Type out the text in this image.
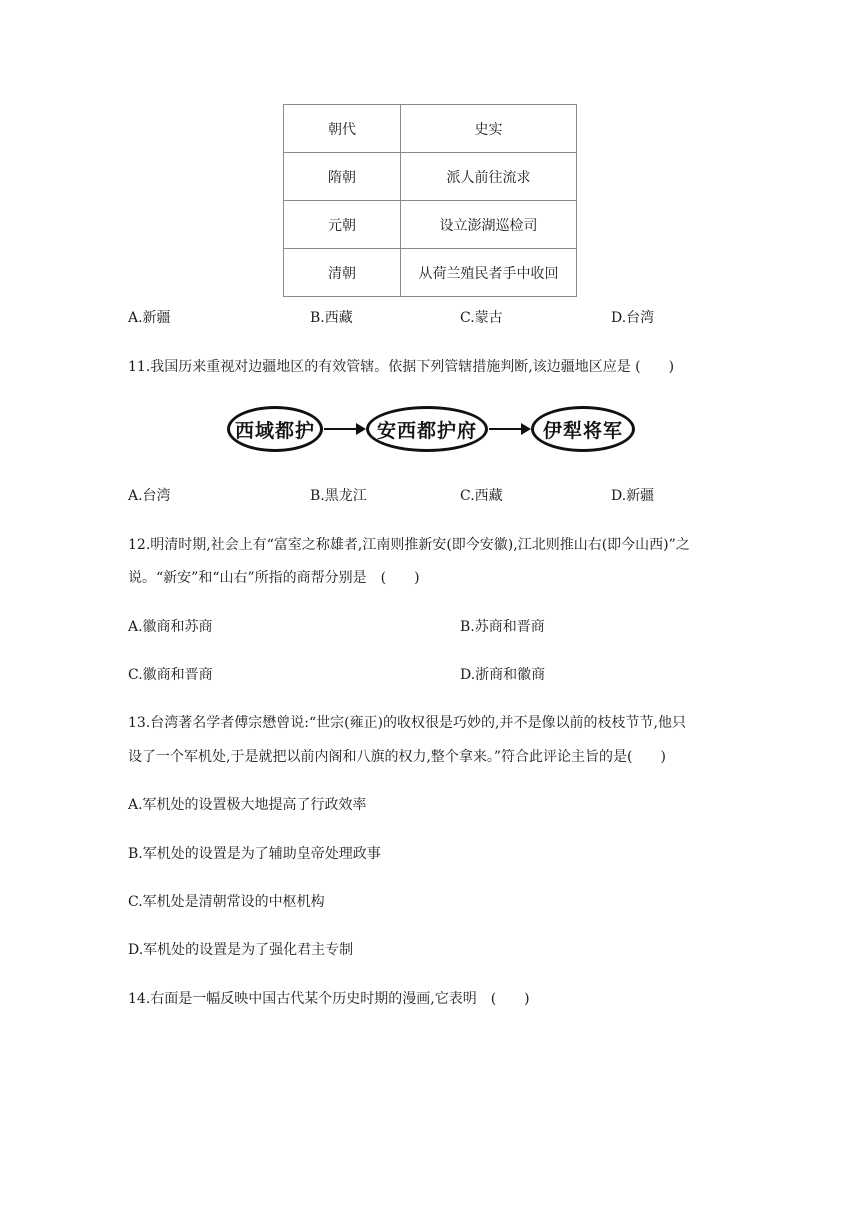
朝代	史实
隋朝	派人前往流求
元朝	设立澎湖巡检司
清朝	从荷兰殖民者手中收回
A.新疆	B.西藏	C.蒙古	D.台湾
11.我国历来重视对边疆地区的有效管辖。依据下列管辖措施判断,该边疆地区应是 (　　)
西域都护	安西都护府	伊犁将军
A.台湾	B.黑龙江	C.西藏	D.新疆
12.明清时期,社会上有“富室之称雄者,江南则推新安(即今安徽),江北则推山右(即今山西)”之
说。“新安”和“山右”所指的商帮分别是　(　　)
A.徽商和苏商	B.苏商和晋商
C.徽商和晋商	D.浙商和徽商
13.台湾著名学者傅宗懋曾说:“世宗(雍正)的收权很是巧妙的,并不是像以前的枝枝节节,他只
设了一个军机处,于是就把以前内阁和八旗的权力,整个拿来。”符合此评论主旨的是(　　)
A.军机处的设置极大地提高了行政效率
B.军机处的设置是为了辅助皇帝处理政事
C.军机处是清朝常设的中枢机构
D.军机处的设置是为了强化君主专制
14.右面是一幅反映中国古代某个历史时期的漫画,它表明　(　　)
